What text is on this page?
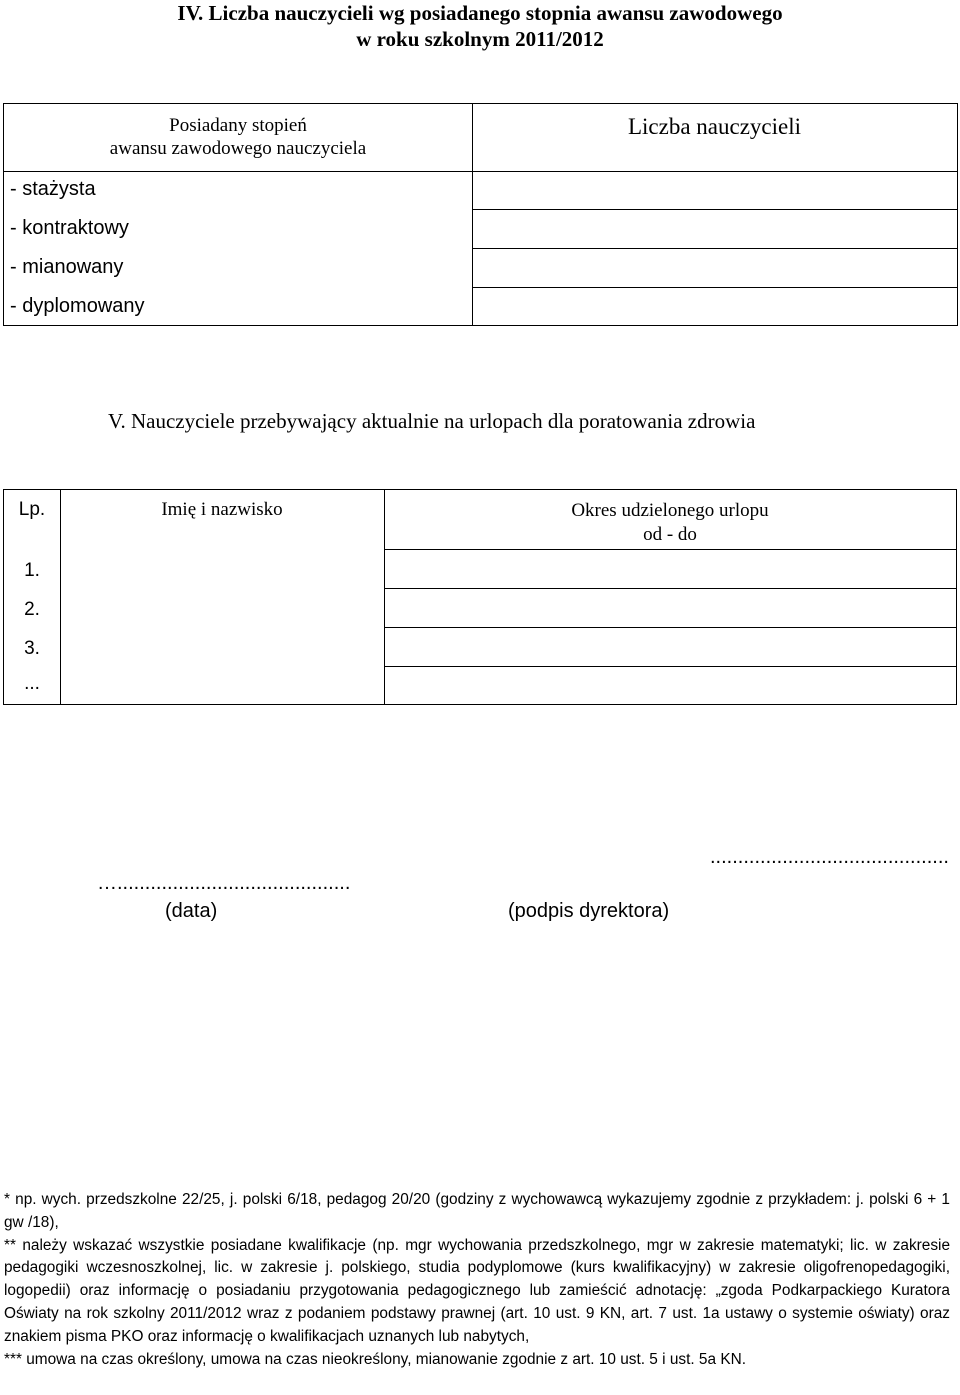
IV. Liczba nauczycieli wg posiadanego stopnia awansu zawodowego
w roku szkolnym 2011/2012
Posiadany stopień
awansu zawodowego nauczyciela
Liczba nauczycieli
- stażysta
- kontraktowy
- mianowany
- dyplomowany
V. Nauczyciele przebywający aktualnie na urlopach dla poratowania zdrowia
Lp.	Imię i nazwisko	Okres udzielonego urlopu
od - do
1.
2.
3.
...
…..........................................
(data)
...........................................
(podpis dyrektora)

* np. wych. przedszkolne 22/25, j. polski 6/18, pedagog 20/20 (godziny z wychowawcą wykazujemy zgodnie z przykładem: j. polski 6 + 1 gw /18),

** należy wskazać wszystkie posiadane kwalifikacje (np. mgr wychowania przedszkolnego, mgr w zakresie matematyki; lic. w zakresie pedagogiki wczesnoszkolnej, lic. w zakresie j. polskiego, studia podyplomowe (kurs kwalifikacyjny) w zakresie oligofrenopedagogiki, logopedii) oraz informację o posiadaniu przygotowania pedagogicznego lub zamieścić adnotację: „zgoda Podkarpackiego Kuratora Oświaty na rok szkolny 2011/2012 wraz z podaniem podstawy prawnej (art. 10 ust. 9 KN, art. 7 ust. 1a ustawy o systemie oświaty) oraz znakiem pisma PKO oraz informację o kwalifikacjach uznanych lub nabytych,

*** umowa na czas określony, umowa na czas nieokreślony, mianowanie zgodnie z art. 10 ust. 5 i ust. 5a KN.
